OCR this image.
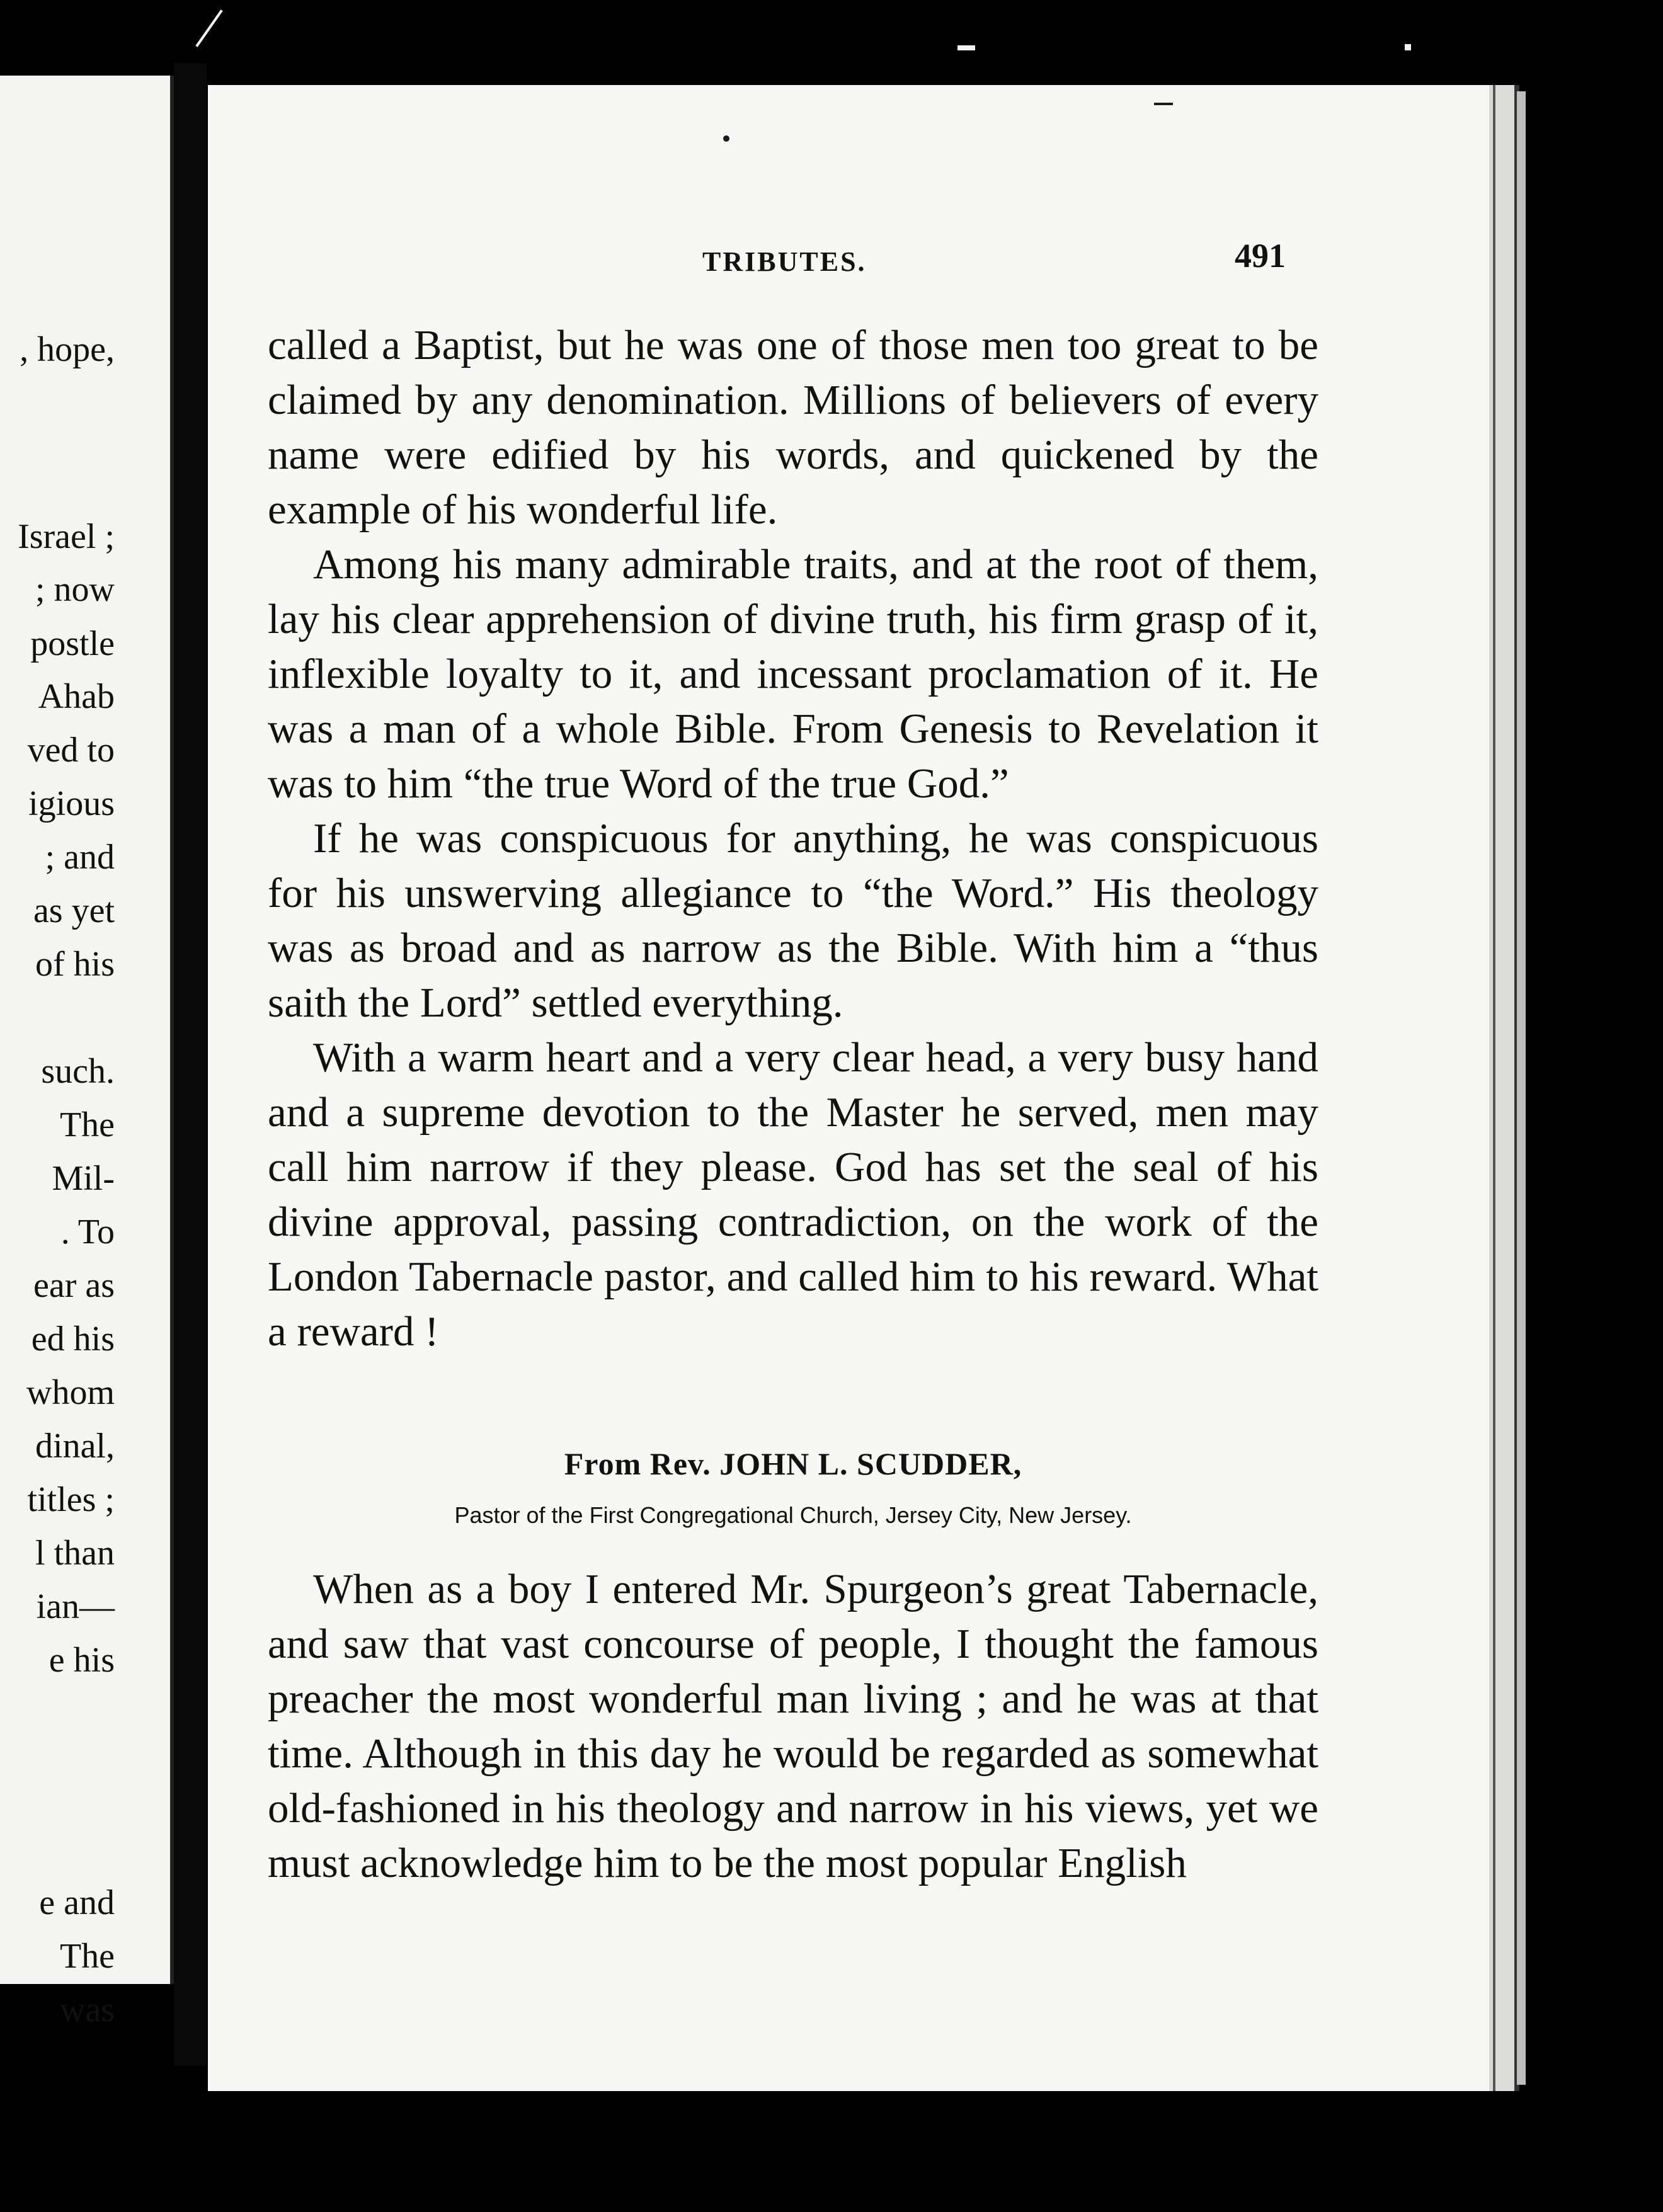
, hope,
Israel ;
; now
postle
Ahab
ved to
igious
; and
as yet
of his
such.
The
Mil-
. To
ear as
ed his
whom
dinal,
titles ;
l than
ian—
e his
e and
The
was
TRIBUTES.	491

called a Baptist, but he was one of those men too great to be claimed by any denomination. Millions of believers of every name were edified by his words, and quickened by the example of his wonderful life.

Among his many admirable traits, and at the root of them, lay his clear apprehension of divine truth, his firm grasp of it, inflexible loyalty to it, and incessant proclamation of it. He was a man of a whole Bible. From Genesis to Revelation it was to him “the true Word of the true God.”

If he was conspicuous for anything, he was conspicuous for his unswerving allegiance to “the Word.” His theology was as broad and as narrow as the Bible. With him a “thus saith the Lord” settled everything.

With a warm heart and a very clear head, a very busy hand and a supreme devotion to the Master he served, men may call him narrow if they please. God has set the seal of his divine approval, passing contradiction, on the work of the London Tabernacle pastor, and called him to his reward. What a reward !

From Rev. JOHN L. SCUDDER,
Pastor of the First Congregational Church, Jersey City, New Jersey.

When as a boy I entered Mr. Spurgeon’s great Tabernacle, and saw that vast concourse of people, I thought the famous preacher the most wonderful man living ; and he was at that time. Although in this day he would be regarded as somewhat old-fashioned in his theology and narrow in his views, yet we must acknowledge him to be the most popular English
